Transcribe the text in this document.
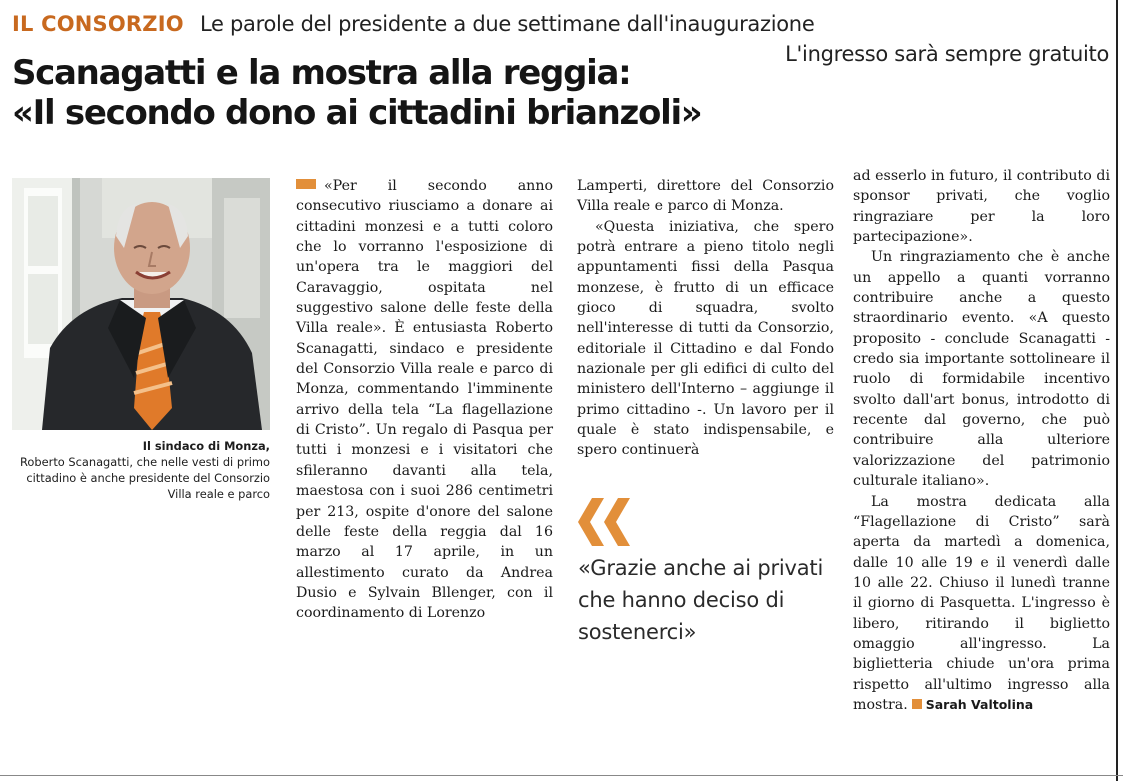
IL CONSORZIO Le parole del presidente a due settimane dall'inaugurazione
L'ingresso sarà sempre gratuito
Scanagatti e la mostra alla reggia:
«Il secondo dono ai cittadini brianzoli»
Il sindaco di Monza,
Roberto Scanagatti, che nelle vesti di primo cittadino è anche presidente del Consorzio Villa reale e parco

«Per il secondo anno consecutivo riusciamo a donare ai cittadini monzesi e a tutti coloro che lo vorranno l'esposizione di un'opera tra le maggiori del Caravaggio, ospitata nel suggestivo salone delle feste della Villa reale». È entusiasta Roberto Scanagatti, sindaco e presidente del Consorzio Villa reale e parco di Monza, commentando l'imminente arrivo della tela “La flagellazione di Cristo”. Un regalo di Pasqua per tutti i monzesi e i visitatori che sfileranno davanti alla tela, maestosa con i suoi 286 centimetri per 213, ospite d'onore del salone delle feste della reggia dal 16 marzo al 17 aprile, in un allestimento curato da Andrea Dusio e Sylvain Bllenger, con il coordinamento di Lorenzo

Lamperti, direttore del Consorzio Villa reale e parco di Monza.

«Questa iniziativa, che spero potrà entrare a pieno titolo negli appuntamenti fissi della Pasqua monzese, è frutto di un efficace gioco di squadra, svolto nell'interesse di tutti da Consorzio, editoriale il Cittadino e dal Fondo nazionale per gli edifici di culto del ministero dell'Interno – aggiunge il primo cittadino -. Un lavoro per il quale è stato indispensabile, e spero continuerà

«Grazie anche ai privati che hanno deciso di sostenerci»

ad esserlo in futuro, il contributo di sponsor privati, che voglio ringraziare per la loro partecipazione».

Un ringraziamento che è anche un appello a quanti vorranno contribuire anche a questo straordinario evento. «A questo proposito - conclude Scanagatti - credo sia importante sottolineare il ruolo di formidabile incentivo svolto dall'art bonus, introdotto di recente dal governo, che può contribuire alla ulteriore valorizzazione del patrimonio culturale italiano».

La mostra dedicata alla “Flagellazione di Cristo” sarà aperta da martedì a domenica, dalle 10 alle 19 e il venerdì dalle 10 alle 22. Chiuso il lunedì tranne il giorno di Pasquetta. L'ingresso è libero, ritirando il biglietto omaggio all'ingresso. La biglietteria chiude un'ora prima rispetto all'ultimo ingresso alla mostra. Sarah Valtolina
